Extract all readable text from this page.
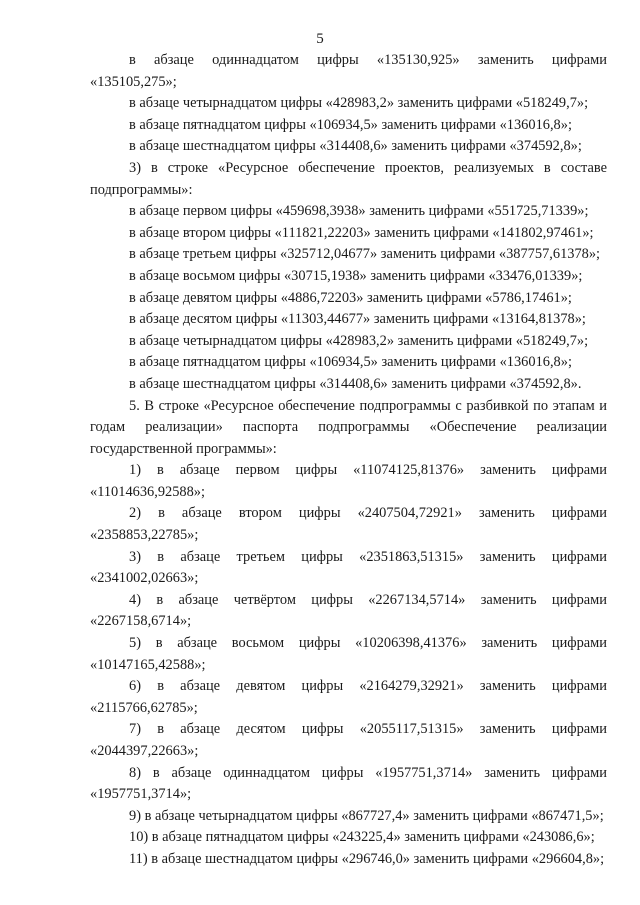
5

в абзаце одиннадцатом цифры «135130,925» заменить цифрами «135105,275»;

в абзаце четырнадцатом цифры «428983,2» заменить цифрами «518249,7»;

в абзаце пятнадцатом цифры «106934,5» заменить цифрами «136016,8»;

в абзаце шестнадцатом цифры «314408,6» заменить цифрами «374592,8»;

3) в строке «Ресурсное обеспечение проектов, реализуемых в составе подпрограммы»:

в абзаце первом цифры «459698,3938» заменить цифрами «551725,71339»;

в абзаце втором цифры «111821,22203» заменить цифрами «141802,97461»;

в абзаце третьем цифры «325712,04677» заменить цифрами «387757,61378»;

в абзаце восьмом цифры «30715,1938» заменить цифрами «33476,01339»;

в абзаце девятом цифры «4886,72203» заменить цифрами «5786,17461»;

в абзаце десятом цифры «11303,44677» заменить цифрами «13164,81378»;

в абзаце четырнадцатом цифры «428983,2» заменить цифрами «518249,7»;

в абзаце пятнадцатом цифры «106934,5» заменить цифрами «136016,8»;

в абзаце шестнадцатом цифры «314408,6» заменить цифрами «374592,8».

5. В строке «Ресурсное обеспечение подпрограммы с разбивкой по этапам и годам реализации» паспорта подпрограммы «Обеспечение реализации государственной программы»:

1) в абзаце первом цифры «11074125,81376» заменить цифрами «11014636,92588»;

2) в абзаце втором цифры «2407504,72921» заменить цифрами «2358853,22785»;

3) в абзаце третьем цифры «2351863,51315» заменить цифрами «2341002,02663»;

4) в абзаце четвёртом цифры «2267134,5714» заменить цифрами «2267158,6714»;

5) в абзаце восьмом цифры «10206398,41376» заменить цифрами «10147165,42588»;

6) в абзаце девятом цифры «2164279,32921» заменить цифрами «2115766,62785»;

7) в абзаце десятом цифры «2055117,51315» заменить цифрами «2044397,22663»;

8) в абзаце одиннадцатом цифры «1957751,3714» заменить цифрами «1957751,3714»;

9) в абзаце четырнадцатом цифры «867727,4» заменить цифрами «867471,5»;

10) в абзаце пятнадцатом цифры «243225,4» заменить цифрами «243086,6»;

11) в абзаце шестнадцатом цифры «296746,0» заменить цифрами «296604,8»;
